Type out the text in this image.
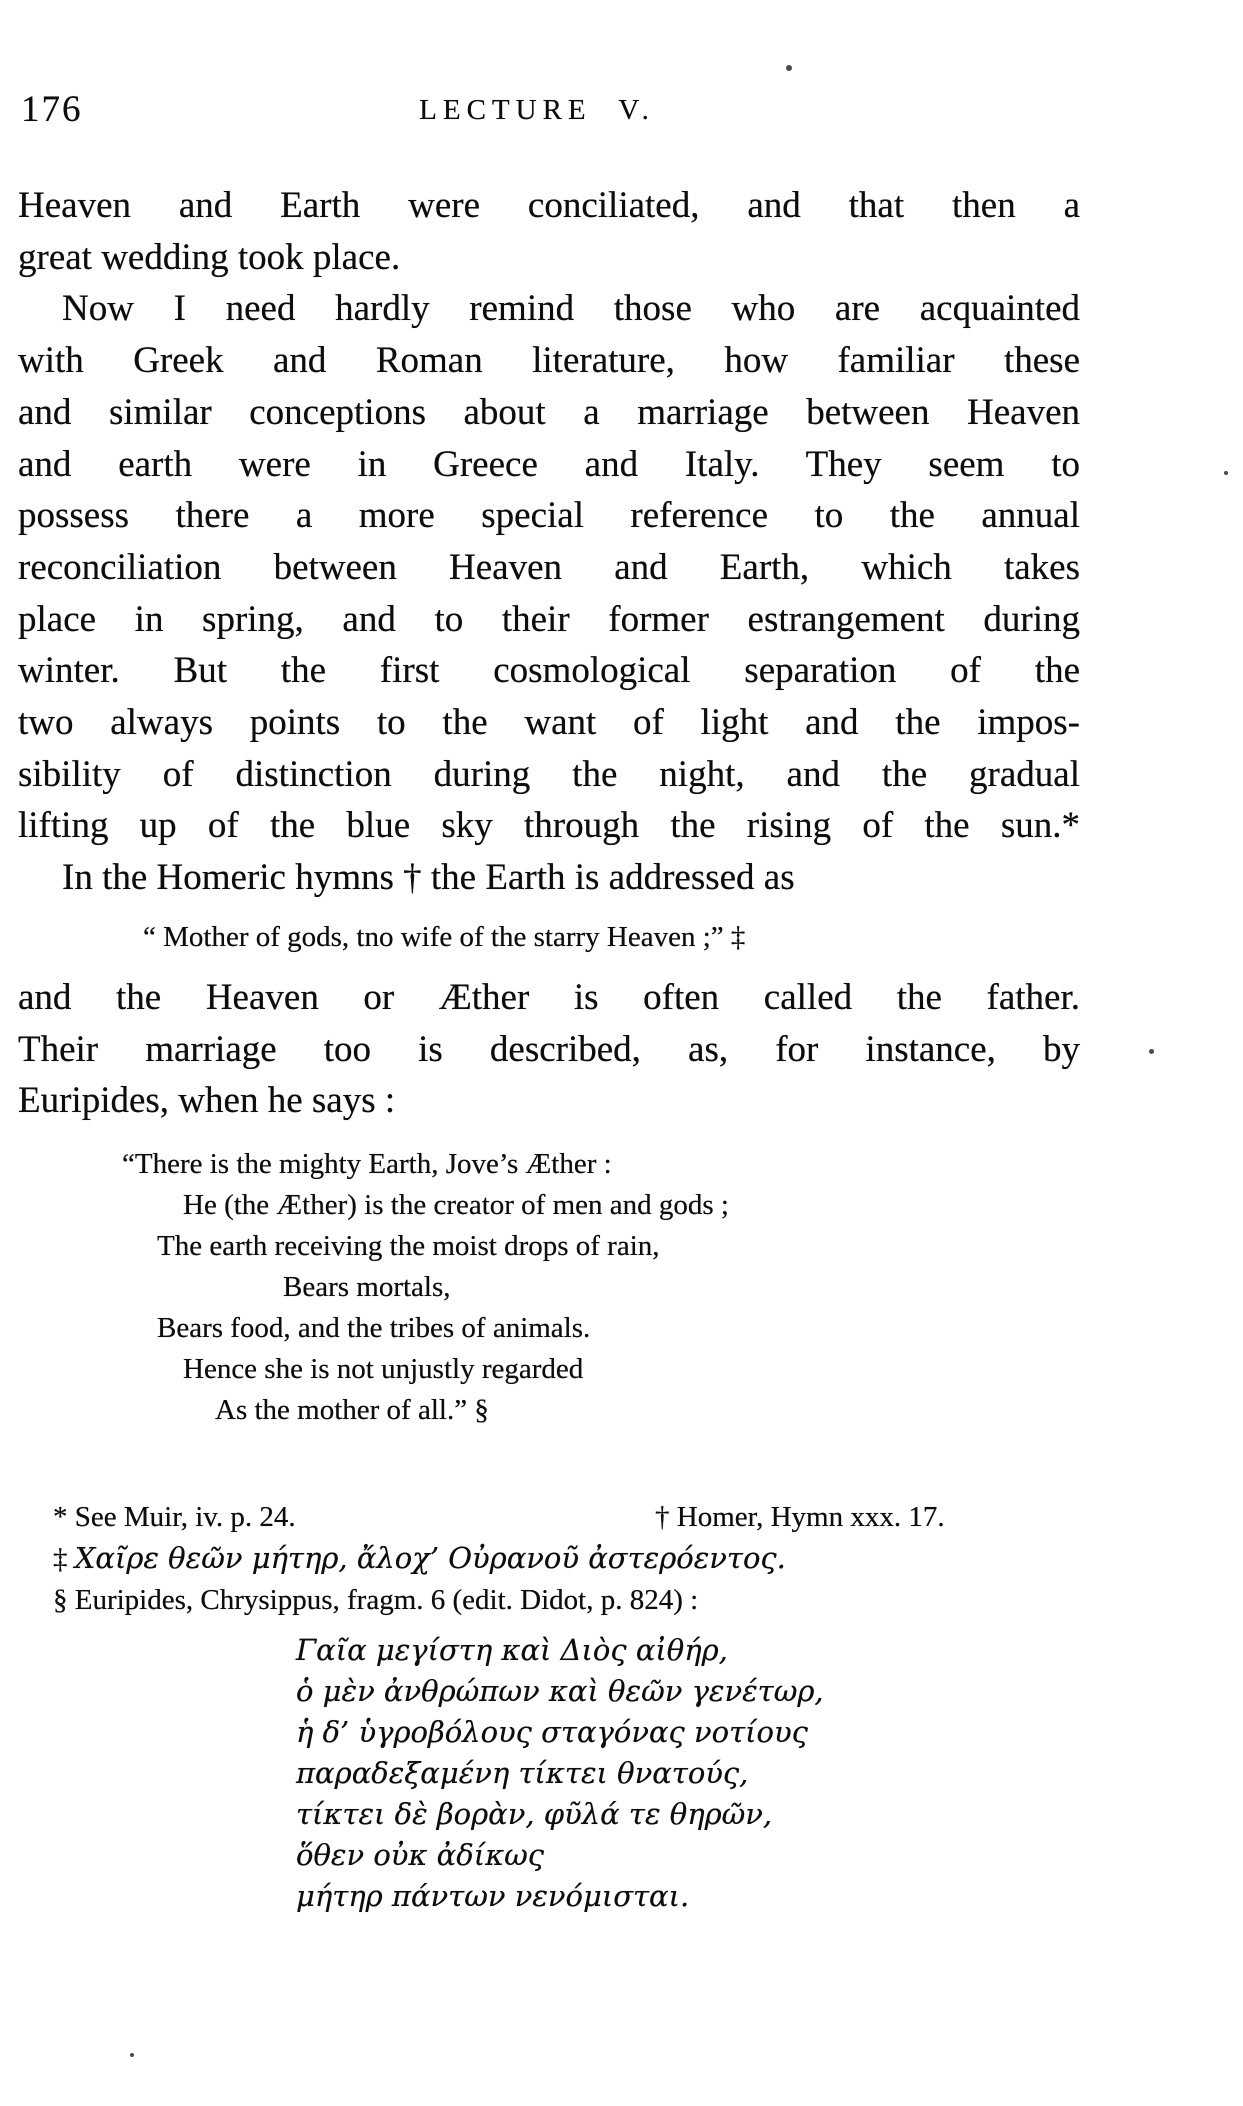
176	LECTURE V.
Heaven and Earth were conciliated, and that then a
great wedding took place.
Now I need hardly remind those who are acquainted
with Greek and Roman literature, how familiar these
and similar conceptions about a marriage between Heaven
and earth were in Greece and Italy. They seem to
possess there a more special reference to the annual
reconciliation between Heaven and Earth, which takes
place in spring, and to their former estrangement during
winter. But the first cosmological separation of the
two always points to the want of light and the impos-
sibility of distinction during the night, and the gradual
lifting up of the blue sky through the rising of the sun.*
In the Homeric hymns † the Earth is addressed as
“ Mother of gods, tno wife of the starry Heaven ;” ‡
and the Heaven or Æther is often called the father.
Their marriage too is described, as, for instance, by
Euripides, when he says :
“There is the mighty Earth, Jove’s Æther :
He (the Æther) is the creator of men and gods ;
The earth receiving the moist drops of rain,
Bears mortals,
Bears food, and the tribes of animals.
Hence she is not unjustly regarded
As the mother of all.” §
* See Muir, iv. p. 24.	† Homer, Hymn xxx. 17.
‡ Χαῖρε θεῶν μήτηρ, ἄλοχ’ Οὐρανοῦ ἀστερόεντος.
§ Euripides, Chrysippus, fragm. 6 (edit. Didot, p. 824) :
Γαῖα μεγίστη καὶ Διὸς αἰθήρ,
ὁ μὲν ἀνθρώπων καὶ θεῶν γενέτωρ,
ἡ δ’ ὑγροβόλους σταγόνας νοτίους
παραδεξαμένη τίκτει θνατούς,
τίκτει δὲ βορὰν, φῦλά τε θηρῶν,
ὅθεν οὐκ ἀδίκως
μήτηρ πάντων νενόμισται.
